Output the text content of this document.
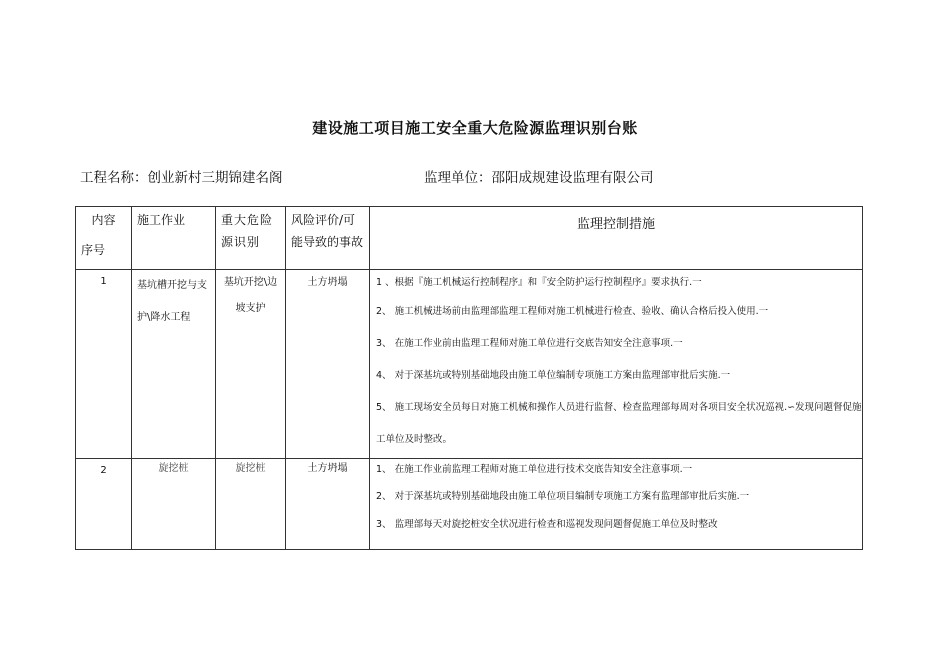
建设施工项目施工安全重大危险源监理识别台账
工程名称：创业新村三期锦建名阁	监理单位：邵阳成规建设监理有限公司
内容
序号	施工作业	重大危险源识别	风险评价/可能导致的事故	监理控制措施
1	基坑槽开挖与支护\降水工程	基坑开挖\边坡支护	土方坍塌	1 、根据『施工机械运行控制程序』和『安全防护运行控制程序』要求执行.一
2、 施工机械进场前由监理部监理工程师对施工机械进行检查、验收、确认合格后投入使用.一
3、 在施工作业前由监理工程师对施工单位进行交底告知安全注意事项.一
4、 对于深基坑或特别基础地段由施工单位编制专项施工方案由监理部审批后实施.一
5、 施工现场安全员每日对施工机械和操作人员进行监督、检查监理部每周对各项目安全状况巡视.∽发现问题督促施工单位及时整改。

2	旋挖桩	旋挖桩	土方坍塌	1、 在施工作业前监理工程师对施工单位进行技术交底告知安全注意事项.一
2、 对于深基坑或特别基础地段由施工单位项目编制专项施工方案有监理部审批后实施.一
3、 监理部每天对旋挖桩安全状况进行检查和巡视发现问题督促施工单位及时整改
